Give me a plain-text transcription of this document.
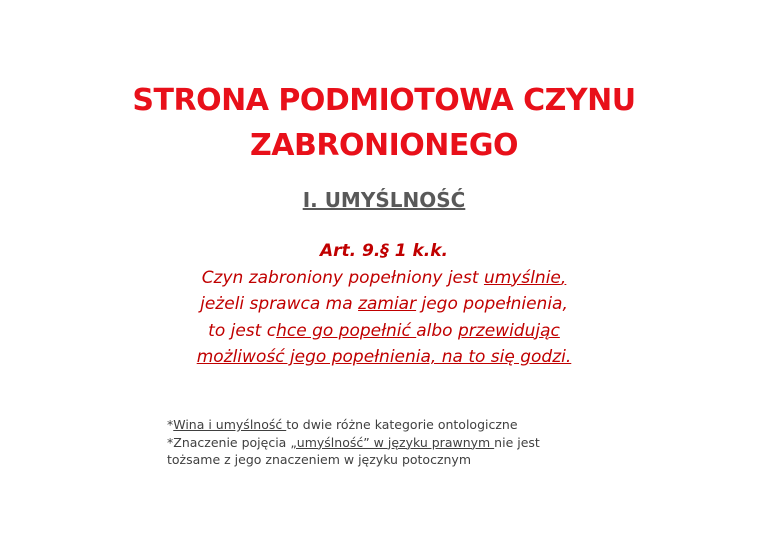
STRONA PODMIOTOWA CZYNU
ZABRONIONEGO
I. UMYŚLNOŚĆ
Art. 9.§ 1 k.k.
Czyn zabroniony popełniony jest umyślnie,
jeżeli sprawca ma zamiar jego popełnienia,
to jest chce go popełnić albo przewidując
możliwość jego popełnienia, na to się godzi.
*Wina i umyślność to dwie różne kategorie ontologiczne
*Znaczenie pojęcia „umyślność” w języku prawnym nie jest
tożsame z jego znaczeniem w języku potocznym
